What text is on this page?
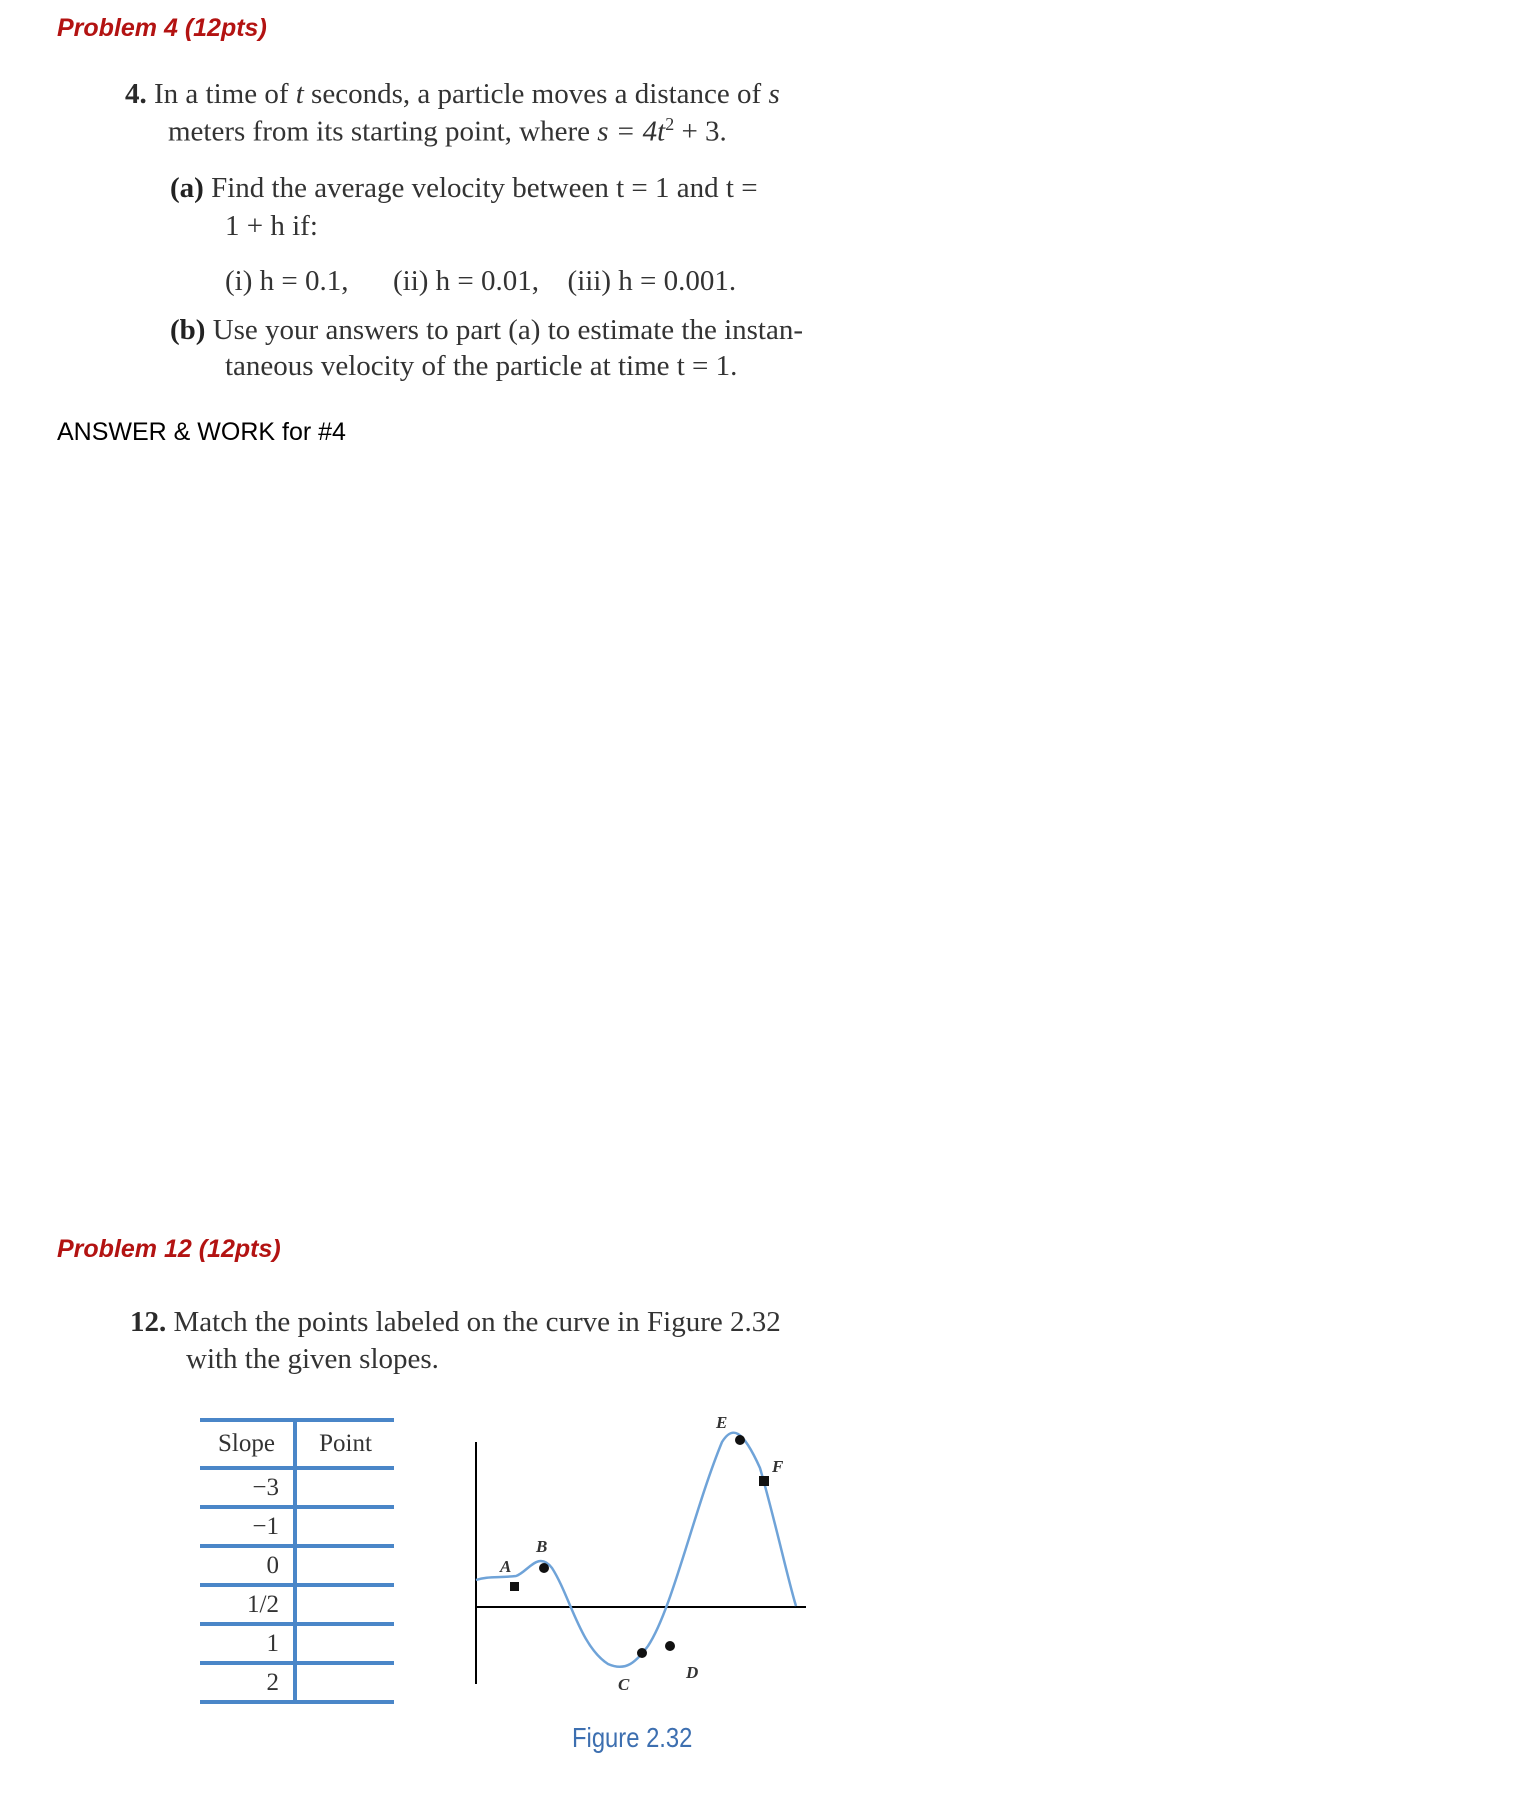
Problem 4 (12pts)
4. In a time of t seconds, a particle moves a distance of s
meters from its starting point, where $s = 4t^2 + 3$.
(a) Find the average velocity between t = 1 and t =
1 + h if:
(i) h = 0.1, (ii) h = 0.01, (iii) h = 0.001.
(b) Use your answers to part (a) to estimate the instan-
taneous velocity of the particle at time t = 1.
ANSWER & WORK for #4
Problem 12 (12pts)
12. Match the points labeled on the curve in Figure 2.32
with the given slopes.
Slope	Point
−3
−1
0
1/2
1
2
A
B
C
D
E
F
Figure 2.32
